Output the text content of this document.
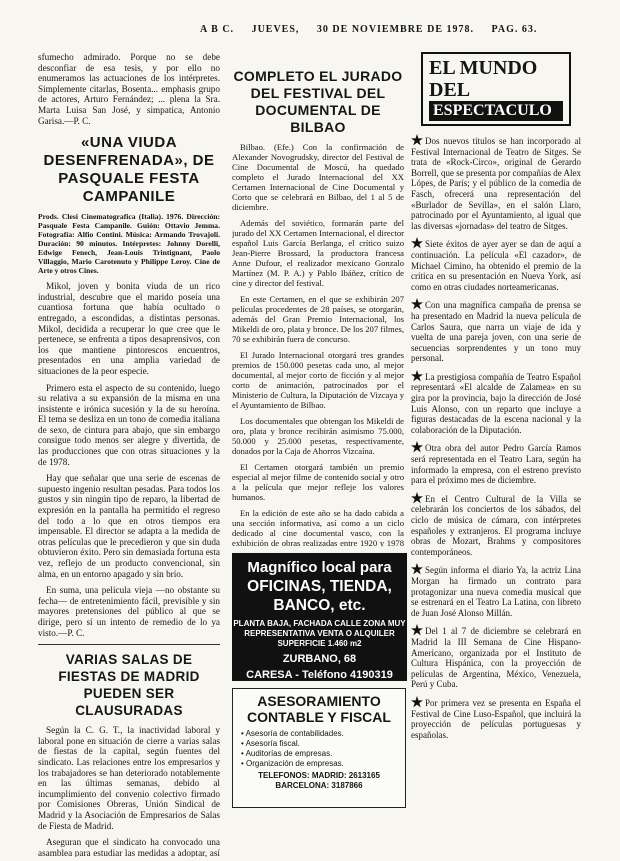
A B C. JUEVES, 30 DE NOVIEMBRE DE 1978. PAG. 63.

sfumecho admirado. Porque no se debe desconfiar de esa tesis, y por ello no enumeramos las actuaciones de los intérpretes. Simplemente citarlas, Bosenta... emphasis grupo de actores, Arturo Fernández; ... plena la Sra. Marta Luisa San José, y simpatica, Antonio Garisa.—P. C.

«UNA VIUDA DESENFRENADA», DE PASQUALE FESTA CAMPANILE
Prods. Clesi Cinematografica (Italia). 1976. Dirección: Pasquale Festa Campanile. Guión: Ottavio Jemma. Fotografía: Alfio Contini. Música: Armando Trovajoli. Duración: 90 minutos. Intérpretes: Johnny Dorelli, Edwige Fenech, Jean-Louis Trintignant, Paolo Villaggio, Mario Carotenuto y Philippe Leroy. Cine de Arte y otros Cines.

Mikol, joven y bonita viuda de un rico industrial, descubre que el marido poseía una cuantiosa fortuna que había ocultado o entregado, a escondidas, a distintas personas. Mikol, decidida a recuperar lo que cree que le pertenece, se enfrenta a tipos desaprensivos, con los que mantiene pintorescos encuentros, presentados en una amplia variedad de situaciones de la peor especie.

Primero esta el aspecto de su contenido, luego su relativa a su expansión de la misma en una insistente e irónica sucesión y la de su heroína. El tema se desliza en un tono de comedia italiana de sexo, de cintura para abajo, que sin embargo consigue todo menos ser alegre y divertida, de las producciones que con otras situaciones y la de 1978.

Hay que señalar que una serie de escenas de supuesto ingenio resultan pesadas. Para todos los gustos y sin ningún tipo de reparo, la libertad de expresión en la pantalla ha permitido el regreso del todo a lo que en otros tiempos era impensable. El director se adapta a la medida de otras películas que le precedieron y que sin duda obtuvieron éxito. Pero sin demasiada fortuna esta vez, reflejo de un producto convencional, sin alma, en un entorno apagado y sin brío.

En suma, una película vieja —no obstante su fecha— de entretenimiento fácil, previsible y sin mayores pretensiones del público al que se dirige, pero sí un intento de remedio de lo ya visto.—P. C.

VARIAS SALAS DE FIESTAS DE MADRID PUEDEN SER CLAUSURADAS

Según la C. G. T., la inactividad laboral y laboral pone en situación de cierre a varias salas de fiestas de la capital, según fuentes del sindicato. Las relaciones entre los empresarios y los trabajadores se han deteriorado notablemente en las últimas semanas, debido al incumplimiento del convenio colectivo firmado por Comisiones Obreras, Unión Sindical de Madrid y la Asociación de Empresarios de Salas de Fiesta de Madrid.

Aseguran que el sindicato ha convocado una asamblea para estudiar las medidas a adoptar, así

COMPLETO EL JURADO DEL FESTIVAL DEL DOCUMENTAL DE BILBAO

Bilbao. (Efe.) Con la confirmación de Alexander Novogrudsky, director del Festival de Cine Documental de Moscú, ha quedado completo el Jurado Internacional del XX Certamen Internacional de Cine Documental y Corto que se celebrará en Bilbao, del 1 al 5 de diciembre.

Además del soviético, formarán parte del jurado del XX Certamen Internacional, el director español Luis García Berlanga, el crítico suizo Jean-Pierre Brossard, la productora francesa Anne Dufour, el realizador mexicano Gonzalo Martínez (M. P. A.) y Pablo Ibáñez, crítico de cine y director del festival.

En este Certamen, en el que se exhibirán 207 películas procedentes de 28 países, se otorgarán, además del Gran Premio Internacional, los Mikeldi de oro, plata y bronce. De los 207 filmes, 70 se exhibirán fuera de concurso.

El Jurado Internacional otorgará tres grandes premios de 150.000 pesetas cada uno, al mejor documental, al mejor corto de ficción y al mejor corto de animación, patrocinados por el Ministerio de Cultura, la Diputación de Vizcaya y el Ayuntamiento de Bilbao.

Los documentales que obtengan los Mikeldi de oro, plata y bronce recibirán asimismo 75.000, 50.000 y 25.000 pesetas, respectivamente, donados por la Caja de Ahorros Vizcaína.

El Certamen otorgará también un premio especial al mejor filme de contenido social y otro a la película que mejor refleje los valores humanos.

En la edición de este año se ha dado cabida a una sección informativa, así como a un ciclo dedicado al cine documental vasco, con la exhibición de obras realizadas entre 1920 y 1978

Magnífico local para
OFICINAS, TIENDA, BANCO, etc.
PLANTA BAJA, FACHADA CALLE ZONA MUY REPRESENTATIVA VENTA O ALQUILER SUPERFICIE 1.460 m2
ZURBANO, 68
CARESA - Teléfono 4190319
ASESORAMIENTO CONTABLE Y FISCAL
• Asesoría de contabilidades.
• Asesoría fiscal.
• Auditorías de empresas.
• Organización de empresas.
TELEFONOS: MADRID: 2613165
BARCELONA: 3187866
EL MUNDO
DEL
ESPECTACULO
Dos nuevos títulos se han incorporado al Festival Internacional de Teatro de Sitges. Se trata de «Rock-Circo», original de Gerardo Borrell, que se presenta por compañías de Alex Lópes, de París; y el público de la comedia de Fasch, ofrecerá una representación del «Burlador de Sevilla», en el salón Llaro, patrocinado por el Ayuntamiento, al igual que las diversas «jornadas» del teatro de Sitges.
Siete éxitos de ayer ayer se dan de aquí a continuación. La película «El cazador», de Michael Cimino, ha obtenido el premio de la crítica en su presentación en Nueva York, así como en otras ciudades norteamericanas.
Con una magnífica campaña de prensa se ha presentado en Madrid la nueva película de Carlos Saura, que narra un viaje de ida y vuelta de una pareja joven, con una serie de secuencias sorprendentes y un tono muy personal.
La prestigiosa compañía de Teatro Español representará «El alcalde de Zalamea» en su gira por la provincia, bajo la dirección de José Luis Alonso, con un reparto que incluye a figuras destacadas de la escena nacional y la colaboración de la Diputación.
Otra obra del autor Pedro García Ramos será representada en el Teatro Lara, según ha informado la empresa, con el estreno previsto para el próximo mes de diciembre.
En el Centro Cultural de la Villa se celebrarán los conciertos de los sábados, del ciclo de música de cámara, con intérpretes españoles y extranjeros. El programa incluye obras de Mozart, Brahms y compositores contemporáneos.
Según informa el diario Ya, la actriz Lina Morgan ha firmado un contrato para protagonizar una nueva comedia musical que se estrenará en el Teatro La Latina, con libreto de Juan José Alonso Millán.
Del 1 al 7 de diciembre se celebrará en Madrid la III Semana de Cine Hispano-Americano, organizada por el Instituto de Cultura Hispánica, con la proyección de películas de Argentina, México, Venezuela, Perú y Cuba.
Por primera vez se presenta en España el Festival de Cine Luso-Español, que incluirá la proyección de películas portuguesas y españolas.
